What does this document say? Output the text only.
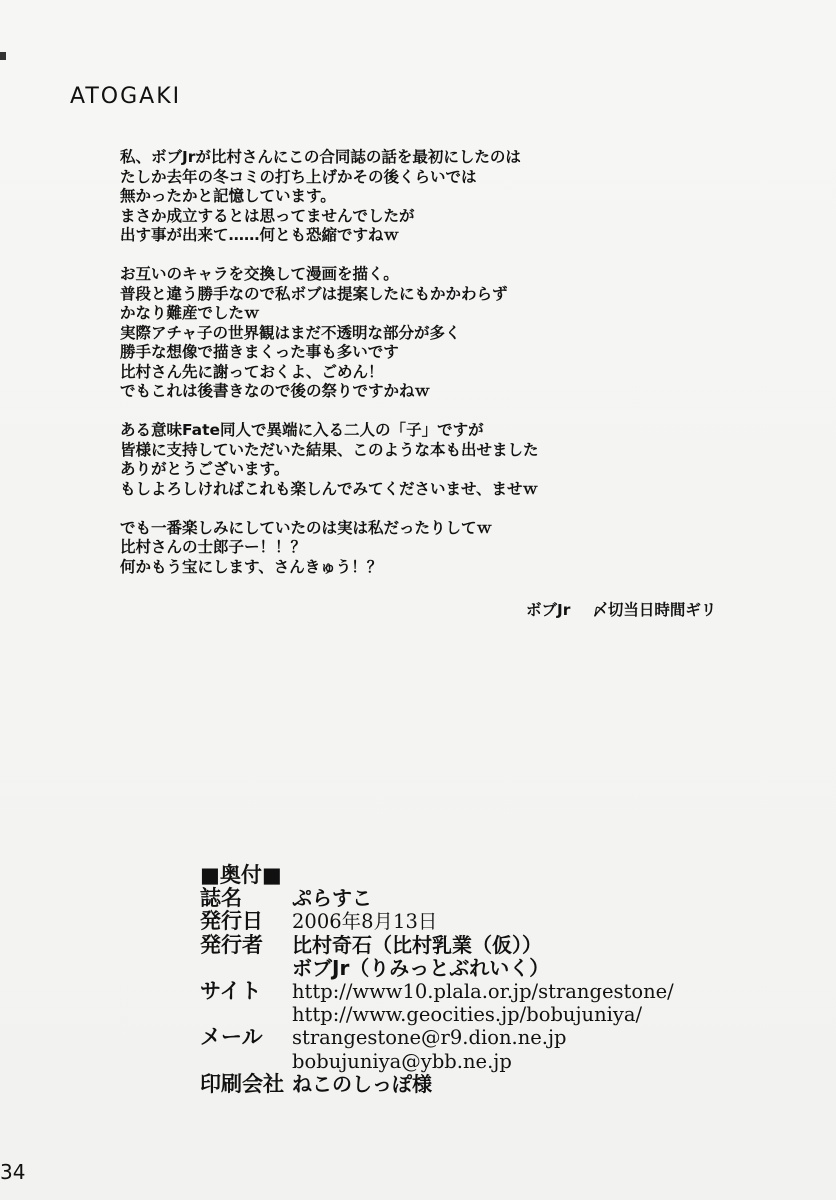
ATOGAKI
私、ボブJrが比村さんにこの合同誌の話を最初にしたのは
たしか去年の冬コミの打ち上げかその後くらいでは
無かったかと記憶しています。
まさか成立するとは思ってませんでしたが
出す事が出来て……何とも恐縮ですねｗ
お互いのキャラを交換して漫画を描く。
普段と違う勝手なので私ボブは提案したにもかかわらず
かなり難産でしたｗ
実際アチャ子の世界観はまだ不透明な部分が多く
勝手な想像で描きまくった事も多いです
比村さん先に謝っておくよ、ごめん！
でもこれは後書きなので後の祭りですかねｗ
ある意味Fate同人で異端に入る二人の「子」ですが
皆様に支持していただいた結果、このような本も出せました
ありがとうございます。
もしよろしければこれも楽しんでみてくださいませ、ませｗ
でも一番楽しみにしていたのは実は私だったりしてｗ
比村さんの士郎子ー！！？
何かもう宝にします、さんきゅう！？
ボブJr 〆切当日時間ギリ
■奥付■
誌名	ぷらすこ
発行日 2006年8月13日
発行者 比村奇石（比村乳業（仮））
ボブJr（りみっとぶれいく）
サイト http://www10.plala.or.jp/strangestone/
http://www.geocities.jp/bobujuniya/
メール strangestone@r9.dion.ne.jp
bobujuniya@ybb.ne.jp
印刷会社 ねこのしっぽ様
34
